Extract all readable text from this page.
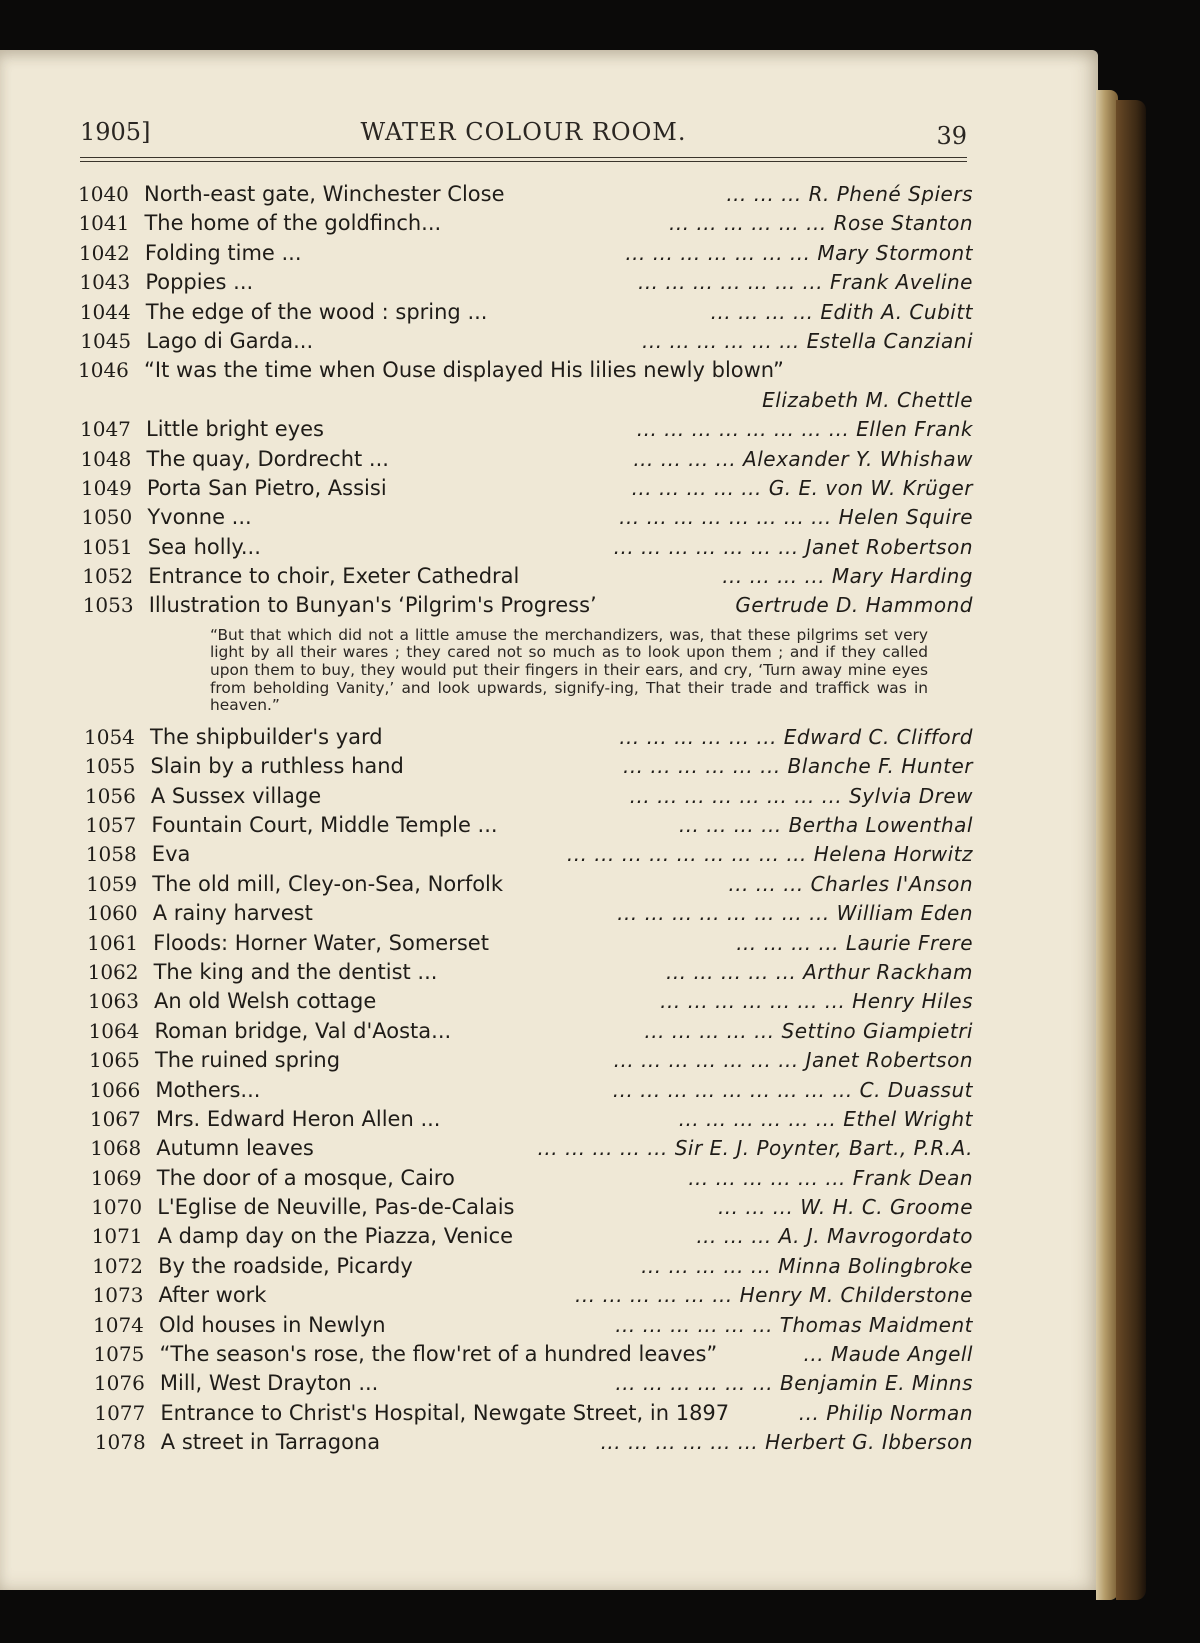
1905]	WATER COLOUR ROOM.	39
1040 North-east gate, Winchester Close	... ... ... R. Phené Spiers
1041 The home of the goldfinch...	... ... ... ... ... ... Rose Stanton
1042 Folding time ...	... ... ... ... ... ... ... Mary Stormont
1043 Poppies ...	... ... ... ... ... ... ... Frank Aveline
1044 The edge of the wood : spring ...	... ... ... ... Edith A. Cubitt
1045 Lago di Garda...	... ... ... ... ... ... Estella Canziani
1046 “It was the time when Ouse displayed His lilies newly blown”
Elizabeth M. Chettle
1047 Little bright eyes	... ... ... ... ... ... ... ... Ellen Frank
1048 The quay, Dordrecht ...	... ... ... ... Alexander Y. Whishaw
1049 Porta San Pietro, Assisi	... ... ... ... ... G. E. von W. Krüger
1050 Yvonne ...	... ... ... ... ... ... ... ... Helen Squire
1051 Sea holly...	... ... ... ... ... ... ... Janet Robertson
1052 Entrance to choir, Exeter Cathedral	... ... ... ... Mary Harding
1053 Illustration to Bunyan's ‘Pilgrim's Progress’	Gertrude D. Hammond
“But that which did not a little amuse the merchandizers, was, that these pilgrims set very light by all their wares ; they cared not so much as to look upon them ; and if they called upon them to buy, they would put their fingers in their ears, and cry, ‘Turn away mine eyes from beholding Vanity,’ and look upwards, signify-ing, That their trade and traffick was in heaven.”
1054 The shipbuilder's yard	... ... ... ... ... ... Edward C. Clifford
1055 Slain by a ruthless hand	... ... ... ... ... ... Blanche F. Hunter
1056 A Sussex village	... ... ... ... ... ... ... ... Sylvia Drew
1057 Fountain Court, Middle Temple ...	... ... ... ... Bertha Lowenthal
1058 Eva	... ... ... ... ... ... ... ... ... Helena Horwitz
1059 The old mill, Cley-on-Sea, Norfolk	... ... ... Charles I'Anson
1060 A rainy harvest	... ... ... ... ... ... ... ... William Eden
1061 Floods: Horner Water, Somerset	... ... ... ... Laurie Frere
1062 The king and the dentist ...	... ... ... ... ... Arthur Rackham
1063 An old Welsh cottage	... ... ... ... ... ... ... Henry Hiles
1064 Roman bridge, Val d'Aosta...	... ... ... ... ... Settino Giampietri
1065 The ruined spring	... ... ... ... ... ... ... Janet Robertson
1066 Mothers...	... ... ... ... ... ... ... ... ... C. Duassut
1067 Mrs. Edward Heron Allen ...	... ... ... ... ... ... Ethel Wright
1068 Autumn leaves	... ... ... ... ... Sir E. J. Poynter, Bart., P.R.A.
1069 The door of a mosque, Cairo	... ... ... ... ... ... Frank Dean
1070 L'Eglise de Neuville, Pas-de-Calais	... ... ... W. H. C. Groome
1071 A damp day on the Piazza, Venice	... ... ... A. J. Mavrogordato
1072 By the roadside, Picardy	... ... ... ... ... Minna Bolingbroke
1073 After work	... ... ... ... ... ... Henry M. Childerstone
1074 Old houses in Newlyn	... ... ... ... ... ... Thomas Maidment
1075 “The season's rose, the flow'ret of a hundred leaves”	... Maude Angell
1076 Mill, West Drayton ...	... ... ... ... ... ... Benjamin E. Minns
1077 Entrance to Christ's Hospital, Newgate Street, in 1897	... Philip Norman
1078 A street in Tarragona	... ... ... ... ... ... Herbert G. Ibberson
